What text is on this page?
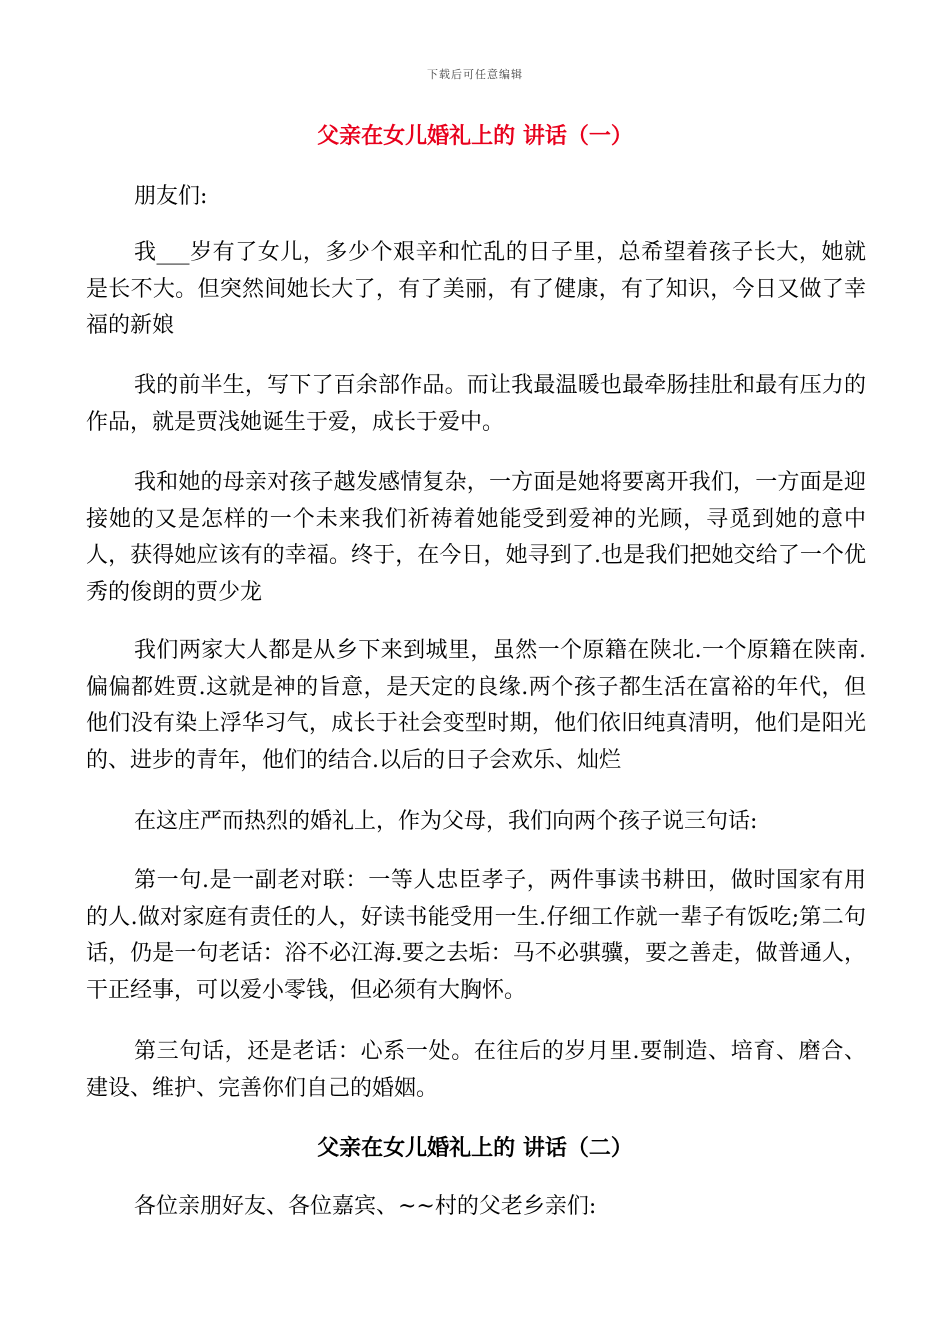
下载后可任意编辑
父亲在女儿婚礼上的 讲话（一）

朋友们:

我___岁有了女儿，多少个艰辛和忙乱的日子里，总希望着孩子长大，她就是长不大。但突然间她长大了，有了美丽，有了健康，有了知识，今日又做了幸福的新娘

我的前半生，写下了百余部作品。而让我最温暖也最牵肠挂肚和最有压力的作品，就是贾浅她诞生于爱，成长于爱中。

我和她的母亲对孩子越发感情复杂，一方面是她将要离开我们，一方面是迎接她的又是怎样的一个未来我们祈祷着她能受到爱神的光顾，寻觅到她的意中人，获得她应该有的幸福。终于，在今日，她寻到了.也是我们把她交给了一个优秀的俊朗的贾少龙

我们两家大人都是从乡下来到城里，虽然一个原籍在陕北.一个原籍在陕南.偏偏都姓贾.这就是神的旨意，是天定的良缘.两个孩子都生活在富裕的年代，但他们没有染上浮华习气，成长于社会变型时期，他们依旧纯真清明，他们是阳光的、进步的青年，他们的结合.以后的日子会欢乐、灿烂

在这庄严而热烈的婚礼上，作为父母，我们向两个孩子说三句话:

第一句.是一副老对联：一等人忠臣孝子，两件事读书耕田，做时国家有用的人.做对家庭有责任的人，好读书能受用一生.仔细工作就一辈子有饭吃;第二句话，仍是一句老话：浴不必江海.要之去垢：马不必骐骥，要之善走，做普通人，干正经事，可以爱小零钱，但必须有大胸怀。

第三句话，还是老话：心系一处。在往后的岁月里.要制造、培育、磨合、建设、维护、完善你们自己的婚姻。

父亲在女儿婚礼上的 讲话（二）

各位亲朋好友、各位嘉宾、~~村的父老乡亲们:
